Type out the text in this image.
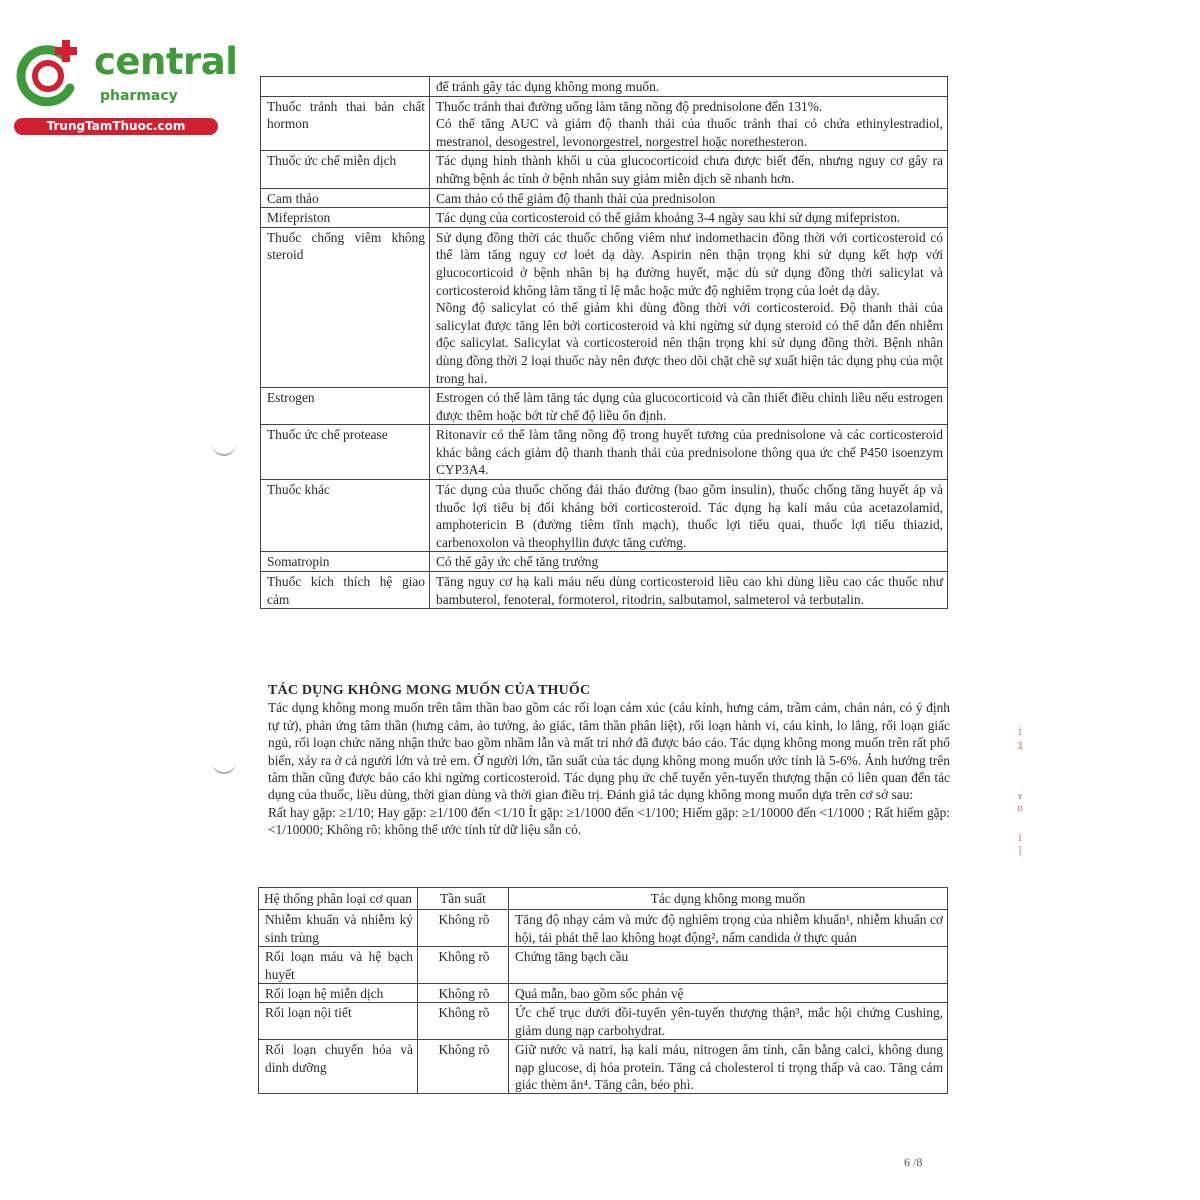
central
pharmacy
TrungTamThuoc.com
ⅰ
ʓ
ɤ
ɒ
ⅰ
ɭ
	để tránh gây tác dụng không mong muốn.
Thuốc tránh thai bản chất hormon	Thuốc tránh thai đường uống làm tăng nồng độ prednisolone đến 131%.
Có thể tăng AUC và giảm độ thanh thải của thuốc tránh thai có chứa ethinylestradiol, mestranol, desogestrel, levonorgestrel, norgestrel hoặc norethesteron.
Thuốc ức chế miễn dịch	Tác dụng hình thành khối u của glucocorticoid chưa được biết đến, nhưng nguy cơ gây ra những bệnh ác tính ở bệnh nhân suy giảm miễn dịch sẽ nhanh hơn.
Cam thảo	Cam thảo có thể giảm độ thanh thải của prednisolon
Mifepriston	Tác dụng của corticosteroid có thể giảm khoảng 3-4 ngày sau khi sử dụng mifepriston.
Thuốc chống viêm không steroid	Sử dụng đồng thời các thuốc chống viêm như indomethacin đồng thời với corticosteroid có thể làm tăng nguy cơ loét dạ dày. Aspirin nên thận trọng khi sử dụng kết hợp với glucocorticoid ở bệnh nhân bị hạ đường huyết, mặc dù sử dụng đồng thời salicylat và corticosteroid không làm tăng tỉ lệ mắc hoặc mức độ nghiêm trọng của loét dạ dày.
Nồng độ salicylat có thể giảm khi dùng đồng thời với corticosteroid. Độ thanh thải của salicylat được tăng lên bởi corticosteroid và khi ngừng sử dụng steroid có thể dẫn đến nhiễm độc salicylat. Salicylat và corticosteroid nên thận trọng khi sử dụng đồng thời. Bệnh nhân dùng đồng thời 2 loại thuốc này nên được theo dõi chặt chẽ sự xuất hiện tác dụng phụ của một trong hai.
Estrogen	Estrogen có thể làm tăng tác dụng của glucocorticoid và cần thiết điều chỉnh liều nếu estrogen được thêm hoặc bớt từ chế độ liều ổn định.
Thuốc ức chế protease	Ritonavir có thể làm tăng nồng độ trong huyết tương của prednisolone và các corticosteroid khác bằng cách giảm độ thanh thanh thải của prednisolone thông qua ức chế P450 isoenzym CYP3A4.
Thuốc khác	Tác dụng của thuốc chống đái tháo đường (bao gồm insulin), thuốc chống tăng huyết áp và thuốc lợi tiểu bị đối kháng bởi corticosteroid. Tác dụng hạ kali máu của acetazolamid, amphotericin B (đường tiêm tĩnh mạch), thuốc lợi tiểu quai, thuốc lợi tiểu thiazid, carbenoxolon và theophyllin được tăng cường.
Somatropin	Có thể gây ức chế tăng trưởng
Thuốc kích thích hệ giao cảm	Tăng nguy cơ hạ kali máu nếu dùng corticosteroid liều cao khi dùng liều cao các thuốc như bambuterol, fenoteral, formoterol, ritodrin, salbutamol, salmeterol và terbutalin.

TÁC DỤNG KHÔNG MONG MUỐN CỦA THUỐC

Tác dụng không mong muốn trên tâm thần bao gồm các rối loạn cảm xúc (cáu kỉnh, hưng cảm, trầm cảm, chán nản, có ý định tự tử), phản ứng tâm thần (hưng cảm, ảo tưởng, ảo giác, tâm thần phân liệt), rối loạn hành vi, cáu kỉnh, lo lắng, rối loạn giấc ngủ, rối loạn chức năng nhận thức bao gồm nhầm lẫn và mất trí nhớ đã được báo cáo. Tác dụng không mong muốn trên rất phổ biến, xảy ra ở cả người lớn và trẻ em. Ở người lớn, tần suất của tác dụng không mong muốn ước tính là 5-6%. Ảnh hưởng trên tâm thần cũng được báo cáo khi ngừng corticosteroid. Tác dụng phụ ức chế tuyến yên-tuyến thượng thận có liên quan đến tác dụng của thuốc, liều dùng, thời gian dùng và thời gian điều trị. Đánh giá tác dụng không mong muốn dựa trên cơ sở sau:

Rất hay gặp: ≥1/10; Hay gặp: ≥1/100 đến <1/10 Ít gặp: ≥1/1000 đến <1/100; Hiếm gặp: ≥1/10000 đến <1/1000 ; Rất hiếm gặp: <1/10000; Không rõ: không thể ước tính từ dữ liệu sẵn có.

Hệ thống phân loại cơ quan	Tần suất	Tác dụng không mong muốn
Nhiễm khuẩn và nhiễm ký sinh trùng	Không rõ	Tăng độ nhạy cảm và mức độ nghiêm trọng của nhiễm khuẩn¹, nhiễm khuẩn cơ hội, tái phát thể lao không hoạt động², nấm candida ở thực quản
Rối loạn máu và hệ bạch huyết	Không rõ	Chứng tăng bạch cầu
Rối loạn hệ miễn dịch	Không rõ	Quá mẫn, bao gồm sốc phản vệ
Rối loạn nội tiết	Không rõ	Ức chế trục dưới đồi-tuyến yên-tuyến thượng thận³, mắc hội chứng Cushing, giảm dung nạp carbohydrat.
Rối loạn chuyển hóa và dinh dưỡng	Không rõ	Giữ nước và natri, hạ kali máu, nitrogen âm tính, cân bằng calci, không dung nạp glucose, dị hóa protein. Tăng cả cholesterol tỉ trọng thấp và cao. Tăng cảm giác thèm ăn⁴. Tăng cân, béo phì.
6 /8
